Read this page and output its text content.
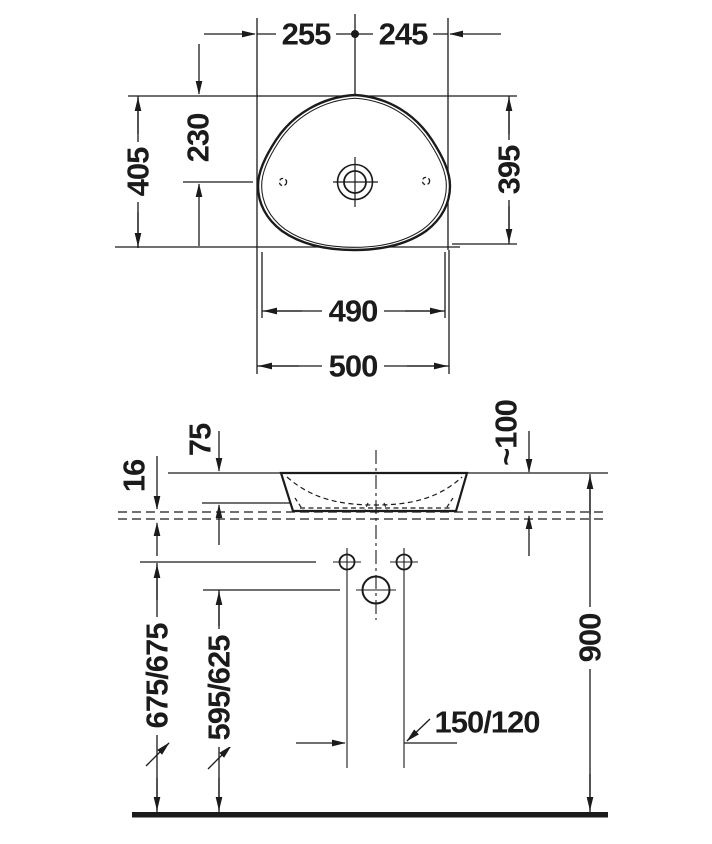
255 245
405
230
395
490
500
75
16
~100
675/675 595/625	900
150/120
